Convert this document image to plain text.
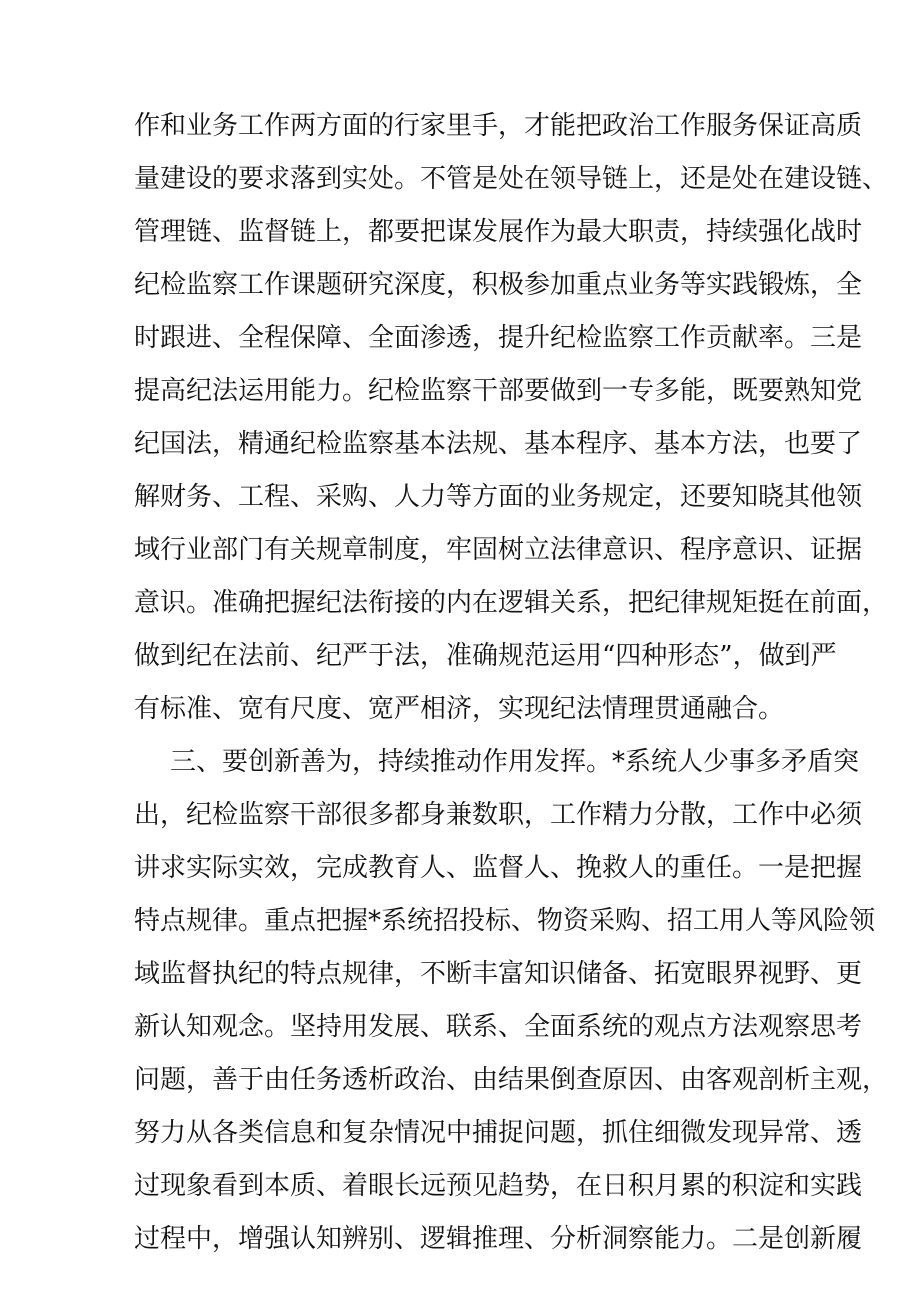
作和业务工作两方面的行家里手，才能把政治工作服务保证高质
量建设的要求落到实处。不管是处在领导链上，还是处在建设链、
管理链、监督链上，都要把谋发展作为最大职责，持续强化战时
纪检监察工作课题研究深度，积极参加重点业务等实践锻炼，全
时跟进、全程保障、全面渗透，提升纪检监察工作贡献率。三是
提高纪法运用能力。纪检监察干部要做到一专多能，既要熟知党
纪国法，精通纪检监察基本法规、基本程序、基本方法，也要了
解财务、工程、采购、人力等方面的业务规定，还要知晓其他领
域行业部门有关规章制度，牢固树立法律意识、程序意识、证据
意识。准确把握纪法衔接的内在逻辑关系，把纪律规矩挺在前面，
做到纪在法前、纪严于法，准确规范运用“四种形态”，做到严
有标准、宽有尺度、宽严相济，实现纪法情理贯通融合。
三、要创新善为，持续推动作用发挥。*系统人少事多矛盾突
出，纪检监察干部很多都身兼数职，工作精力分散，工作中必须
讲求实际实效，完成教育人、监督人、挽救人的重任。一是把握
特点规律。重点把握*系统招投标、物资采购、招工用人等风险领
域监督执纪的特点规律，不断丰富知识储备、拓宽眼界视野、更
新认知观念。坚持用发展、联系、全面系统的观点方法观察思考
问题，善于由任务透析政治、由结果倒查原因、由客观剖析主观，
努力从各类信息和复杂情况中捕捉问题，抓住细微发现异常、透
过现象看到本质、着眼长远预见趋势，在日积月累的积淀和实践
过程中，增强认知辨别、逻辑推理、分析洞察能力。二是创新履
